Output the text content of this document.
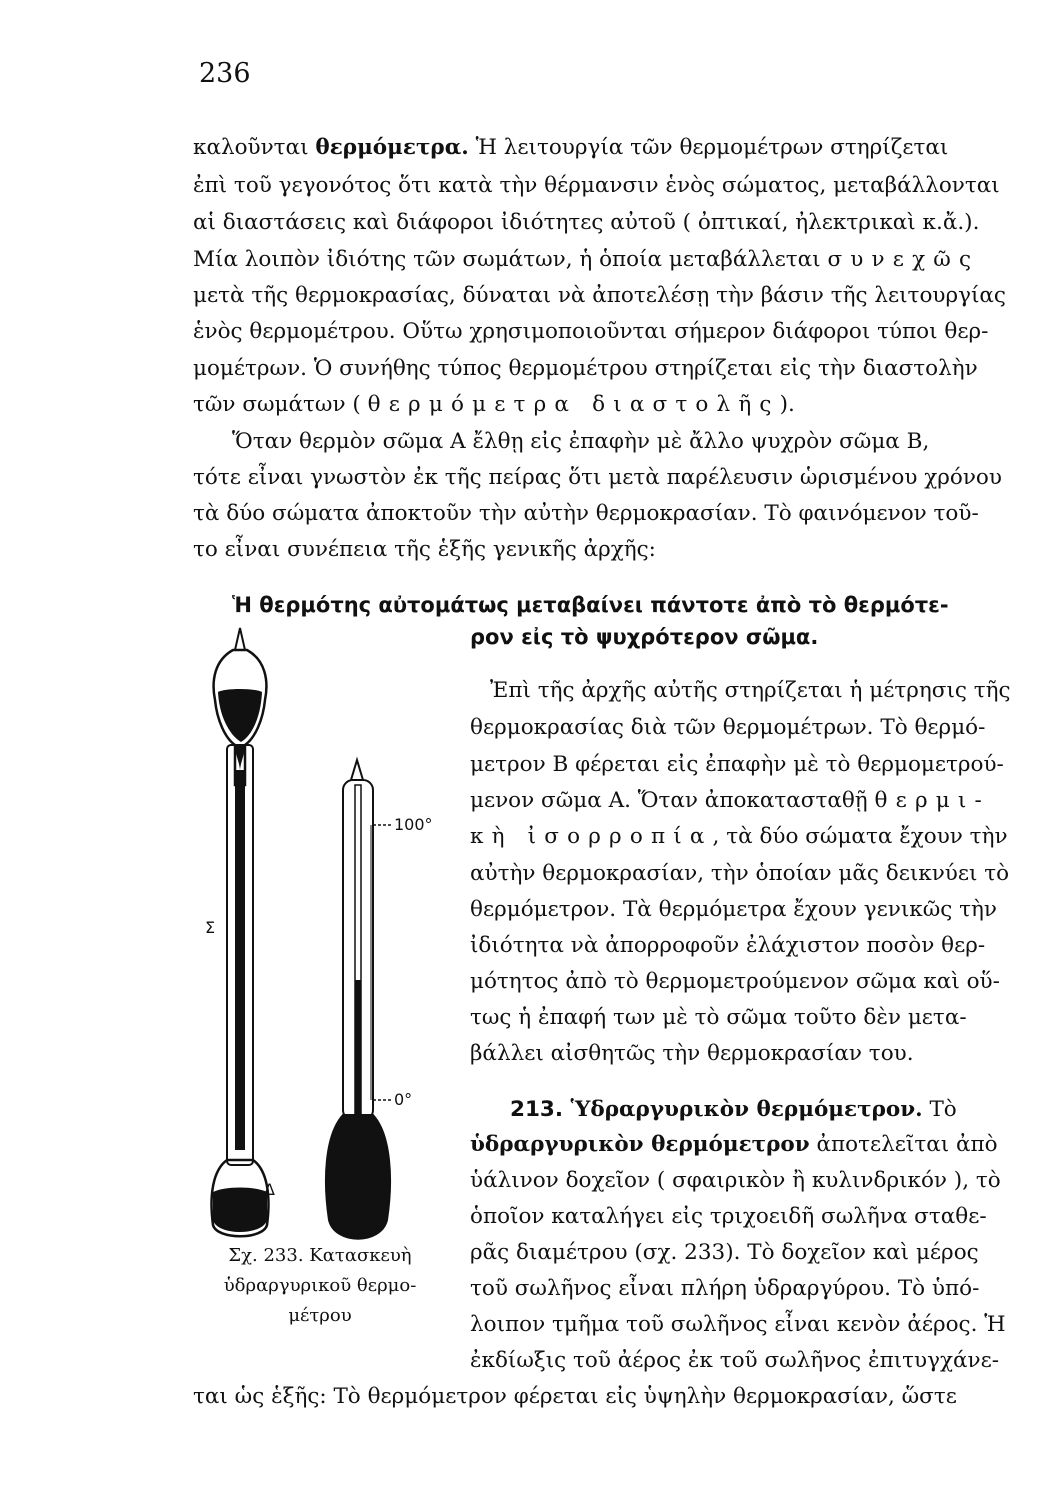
236
καλοῦνται θερμόμετρα. Ἡ λειτουργία τῶν θερμομέτρων στηρίζεται
ἐπὶ τοῦ γεγονότος ὅτι κατὰ τὴν θέρμανσιν ἑνὸς σώματος, μεταβάλλονται
αἱ διαστάσεις καὶ διάφοροι ἰδιότητες αὐτοῦ ( ὀπτικαί, ἠλεκτρικαὶ κ.ἄ.).
Μία λοιπὸν ἰδιότης τῶν σωμάτων, ἡ ὁποία μεταβάλλεται συνεχῶς
μετὰ τῆς θερμοκρασίας, δύναται νὰ ἀποτελέσῃ τὴν βάσιν τῆς λειτουργίας
ἑνὸς θερμομέτρου. Οὕτω χρησιμοποιοῦνται σήμερον διάφοροι τύποι θερ-
μομέτρων. Ὁ συνήθης τύπος θερμομέτρου στηρίζεται εἰς τὴν διαστολὴν
τῶν σωμάτων ( θερμόμετρα διαστολῆς).
Ὅταν θερμὸν σῶμα Α ἔλθῃ εἰς ἐπαφὴν μὲ ἄλλο ψυχρὸν σῶμα Β,
τότε εἶναι γνωστὸν ἐκ τῆς πείρας ὅτι μετὰ παρέλευσιν ὡρισμένου χρόνου
τὰ δύο σώματα ἀποκτοῦν τὴν αὐτὴν θερμοκρασίαν. Τὸ φαινόμενον τοῦ-
το εἶναι συνέπεια τῆς ἑξῆς γενικῆς ἀρχῆς:
Ἡ θερμότης αὐτομάτως μεταβαίνει πάντοτε ἀπὸ τὸ θερμότε-
ρον εἰς τὸ ψυχρότερον σῶμα.
Ἐπὶ τῆς ἀρχῆς αὐτῆς στηρίζεται ἡ μέτρησις τῆς
θερμοκρασίας διὰ τῶν θερμομέτρων. Τὸ θερμό-
μετρον Β φέρεται εἰς ἐπαφὴν μὲ τὸ θερμομετρού-
μενον σῶμα Α. Ὅταν ἀποκατασταθῇ θερμι-
κὴ ἰσορροπία, τὰ δύο σώματα ἔχουν τὴν
αὐτὴν θερμοκρασίαν, τὴν ὁποίαν μᾶς δεικνύει τὸ
θερμόμετρον. Τὰ θερμόμετρα ἔχουν γενικῶς τὴν
ἰδιότητα νὰ ἀπορροφοῦν ἐλάχιστον ποσὸν θερ-
μότητος ἀπὸ τὸ θερμομετρούμενον σῶμα καὶ οὕ-
τως ἡ ἐπαφή των μὲ τὸ σῶμα τοῦτο δὲν μετα-
βάλλει αἰσθητῶς τὴν θερμοκρασίαν του.
213. Ὑδραργυρικὸν θερμόμετρον. Τὸ
ὑδραργυρικὸν θερμόμετρον ἀποτελεῖται ἀπὸ
ὑάλινον δοχεῖον ( σφαιρικὸν ἢ κυλινδρικόν ), τὸ
ὁποῖον καταλήγει εἰς τριχοειδῆ σωλῆνα σταθε-
ρᾶς διαμέτρου (σχ. 233). Τὸ δοχεῖον καὶ μέρος
τοῦ σωλῆνος εἶναι πλήρη ὑδραργύρου. Τὸ ὑπό-
λοιπον τμῆμα τοῦ σωλῆνος εἶναι κενὸν ἀέρος. Ἡ
ἐκδίωξις τοῦ ἀέρος ἐκ τοῦ σωλῆνος ἐπιτυγχάνε-
ται ὡς ἑξῆς: Τὸ θερμόμετρον φέρεται εἰς ὑψηλὴν θερμοκρασίαν, ὥστε
Σ
Δ
100°
0°
Σχ. 233. Κατασκευὴ
ὑδραργυρικοῦ θερμο-
μέτρου
